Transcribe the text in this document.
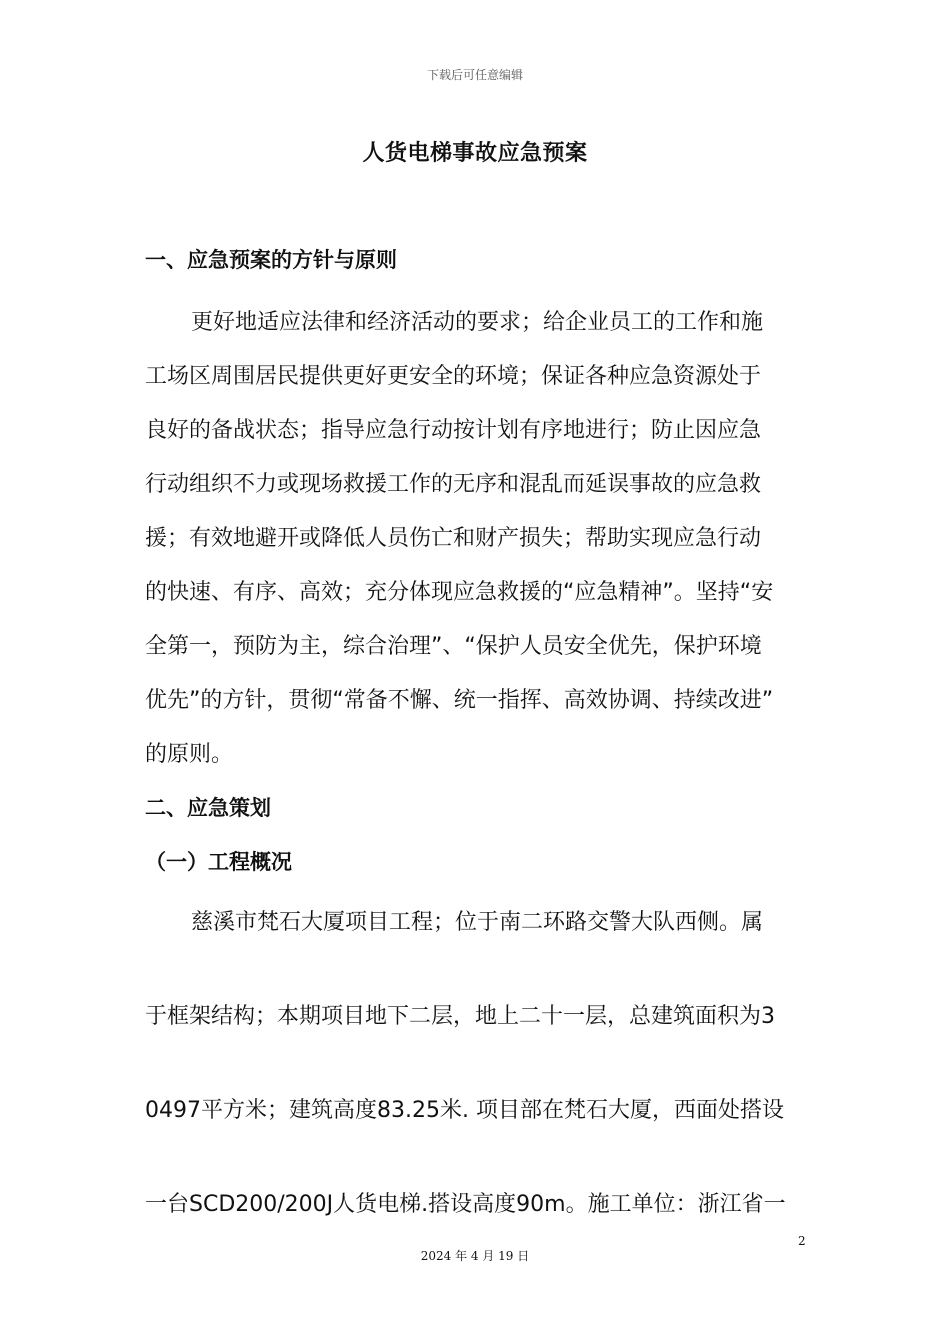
下载后可任意编辑
人货电梯事故应急预案
一、应急预案的方针与原则
更好地适应法律和经济活动的要求；给企业员工的工作和施
工场区周围居民提供更好更安全的环境；保证各种应急资源处于
良好的备战状态；指导应急行动按计划有序地进行；防止因应急
行动组织不力或现场救援工作的无序和混乱而延误事故的应急救
援；有效地避开或降低人员伤亡和财产损失；帮助实现应急行动
的快速、有序、高效；充分体现应急救援的“应急精神”。坚持“安
全第一，预防为主，综合治理”、“保护人员安全优先，保护环境
优先”的方针，贯彻“常备不懈、统一指挥、高效协调、持续改进”
的原则。
二、应急策划
（一）工程概况
慈溪市梵石大厦项目工程；位于南二环路交警大队西侧。属
于框架结构；本期项目地下二层，地上二十一层，总建筑面积为3
0497平方米；建筑高度83.25米. 项目部在梵石大厦，西面处搭设
一台SCD200/200J人货电梯.搭设高度90m。施工单位：浙江省一
2
2024 年 4 月 19 日
